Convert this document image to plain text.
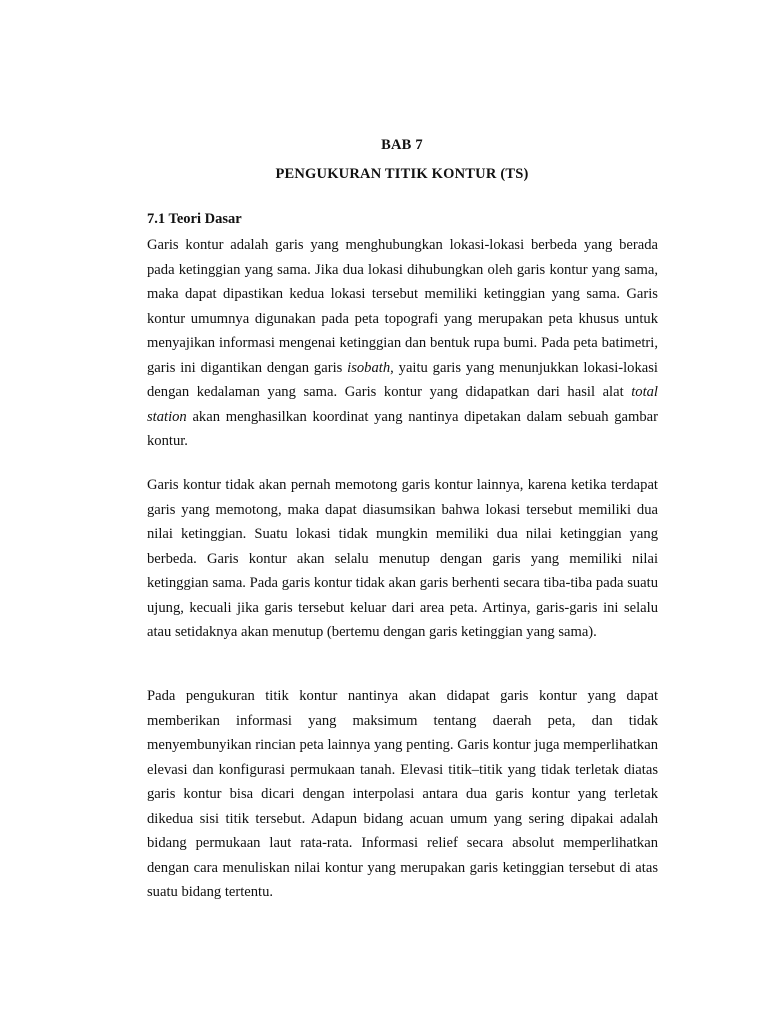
BAB 7
PENGUKURAN TITIK KONTUR (TS)
7.1 Teori Dasar

Garis kontur adalah garis yang menghubungkan lokasi-lokasi berbeda yang berada pada ketinggian yang sama. Jika dua lokasi dihubungkan oleh garis kontur yang sama, maka dapat dipastikan kedua lokasi tersebut memiliki ketinggian yang sama. Garis kontur umumnya digunakan pada peta topografi yang merupakan peta khusus untuk menyajikan informasi mengenai ketinggian dan bentuk rupa bumi. Pada peta batimetri, garis ini digantikan dengan garis isobath, yaitu garis yang menunjukkan lokasi-lokasi dengan kedalaman yang sama. Garis kontur yang didapatkan dari hasil alat total station akan menghasilkan koordinat yang nantinya dipetakan dalam sebuah gambar kontur.

Garis kontur tidak akan pernah memotong garis kontur lainnya, karena ketika terdapat garis yang memotong, maka dapat diasumsikan bahwa lokasi tersebut memiliki dua nilai ketinggian. Suatu lokasi tidak mungkin memiliki dua nilai ketinggian yang berbeda. Garis kontur akan selalu menutup dengan garis yang memiliki nilai ketinggian sama. Pada garis kontur tidak akan garis berhenti secara tiba-tiba pada suatu ujung, kecuali jika garis tersebut keluar dari area peta. Artinya, garis-garis ini selalu atau setidaknya akan menutup (bertemu dengan garis ketinggian yang sama).

Pada pengukuran titik kontur nantinya akan didapat garis kontur yang dapat memberikan informasi yang maksimum tentang daerah peta, dan tidak menyembunyikan rincian peta lainnya yang penting. Garis kontur juga memperlihatkan elevasi dan konfigurasi permukaan tanah. Elevasi titik–titik yang tidak terletak diatas garis kontur bisa dicari dengan interpolasi antara dua garis kontur yang terletak dikedua sisi titik tersebut. Adapun bidang acuan umum yang sering dipakai adalah bidang permukaan laut rata-rata. Informasi relief secara absolut memperlihatkan dengan cara menuliskan nilai kontur yang merupakan garis ketinggian tersebut di atas suatu bidang tertentu.
